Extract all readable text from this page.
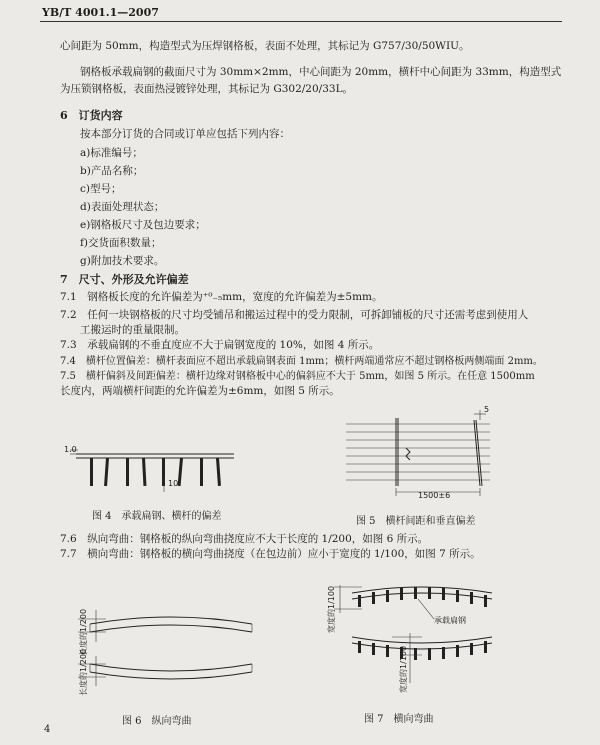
YB/T 4001.1—2007
心间距为 50mm，构造型式为压焊钢格板，表面不处理，其标记为 G757/30/50WIU。
钢格板承载扁钢的截面尺寸为 30mm×2mm，中心间距为 20mm，横杆中心间距为 33mm，构造型式
为压锁钢格板，表面热浸镀锌处理，其标记为 G302/20/33L。
6　订货内容
按本部分订货的合同或订单应包括下列内容：
a)标准编号；
b)产品名称；
c)型号；
d)表面处理状态；
e)钢格板尺寸及包边要求；
f)交货面积数量；
g)附加技术要求。
7　尺寸、外形及允许偏差
7.1　钢格板长度的允许偏差为⁺⁰₋₅mm，宽度的允许偏差为±5mm。
7.2　任何一块钢格板的尺寸均受铺吊和搬运过程中的受力限制，可拆卸铺板的尺寸还需考虑到使用人
工搬运时的重量限制。
7.3　承载扁钢的不垂直度应不大于扁钢宽度的 10%，如图 4 所示。
7.4　横杆位置偏差：横杆表面应不超出承载扁钢表面 1mm；横杆两端通常应不超过钢格板两侧端面 2mm。
7.5　横杆偏斜及间距偏差：横杆边缘对钢格板中心的偏斜应不大于 5mm，如图 5 所示。在任意 1500mm
长度内，两端横杆间距的允许偏差为±6mm，如图 5 所示。
1.0
10
图 4　承载扁钢、横杆的偏差
5
1500±6
图 5　横杆间距和垂直偏差
7.6　纵向弯曲：钢格板的纵向弯曲挠度应不大于长度的 1/200，如图 6 所示。
7.7　横向弯曲：钢格板的横向弯曲挠度（在包边前）应小于宽度的 1/100，如图 7 所示。
长度的1/200
长度的1/200
图 6　纵向弯曲
宽度的1/100	承载扁钢
宽度的1/100
图 7　横向弯曲
4
